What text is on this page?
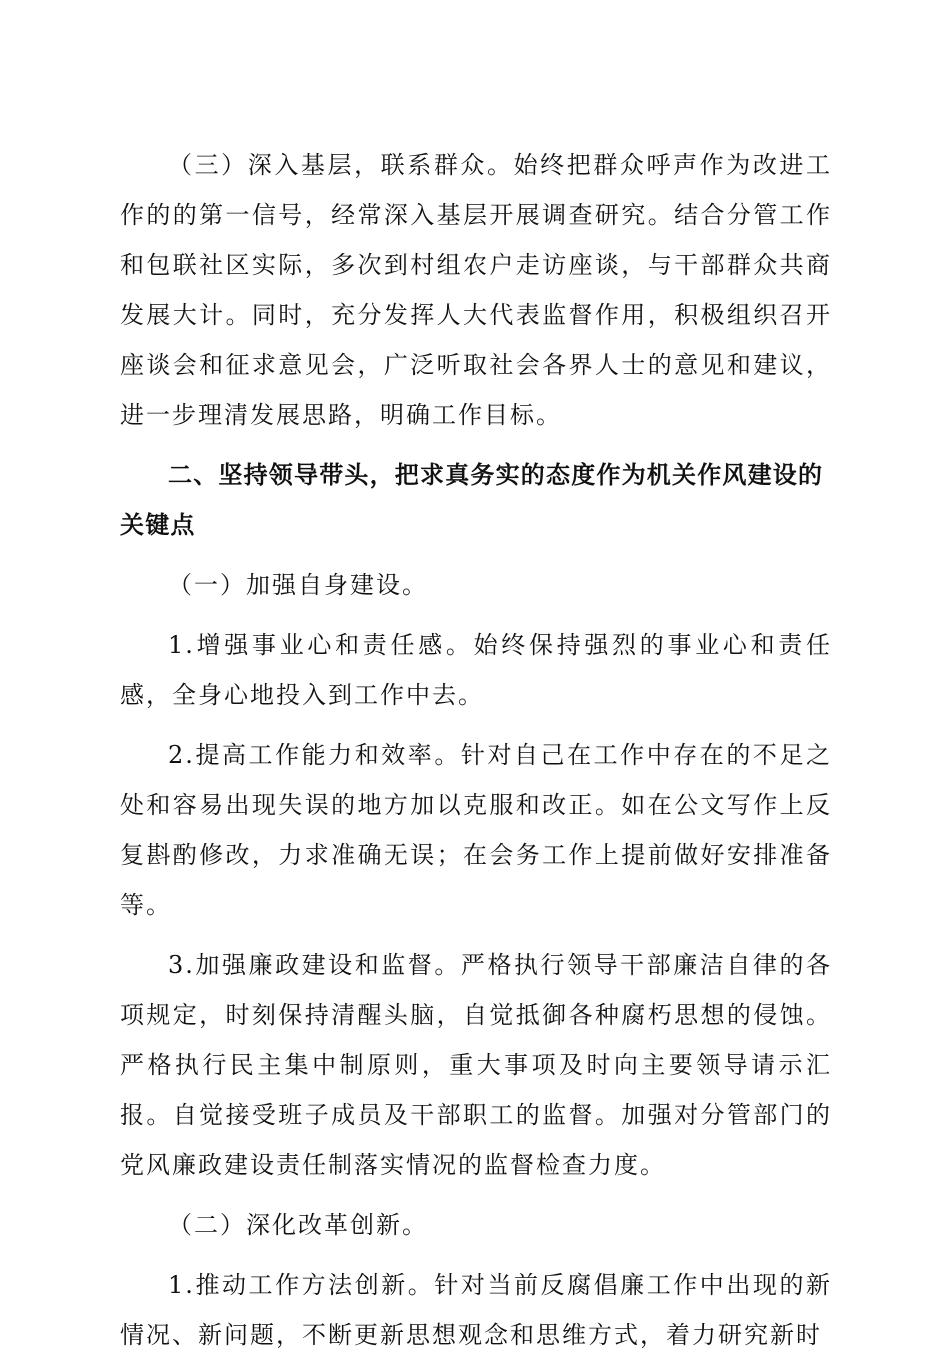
（三）深入基层，联系群众。始终把群众呼声作为改进工作的的第一信号，经常深入基层开展调查研究。结合分管工作和包联社区实际，多次到村组农户走访座谈，与干部群众共商发展大计。同时，充分发挥人大代表监督作用，积极组织召开座谈会和征求意见会，广泛听取社会各界人士的意见和建议，进一步理清发展思路，明确工作目标。

二、坚持领导带头，把求真务实的态度作为机关作风建设的关键点

（一）加强自身建设。

1.增强事业心和责任感。始终保持强烈的事业心和责任感，全身心地投入到工作中去。

2.提高工作能力和效率。针对自己在工作中存在的不足之处和容易出现失误的地方加以克服和改正。如在公文写作上反复斟酌修改，力求准确无误；在会务工作上提前做好安排准备等。

3.加强廉政建设和监督。严格执行领导干部廉洁自律的各项规定，时刻保持清醒头脑，自觉抵御各种腐朽思想的侵蚀。严格执行民主集中制原则，重大事项及时向主要领导请示汇报。自觉接受班子成员及干部职工的监督。加强对分管部门的党风廉政建设责任制落实情况的监督检查力度。

（二）深化改革创新。

1.推动工作方法创新。针对当前反腐倡廉工作中出现的新情况、新问题，不断更新思想观念和思维方式，着力研究新时
